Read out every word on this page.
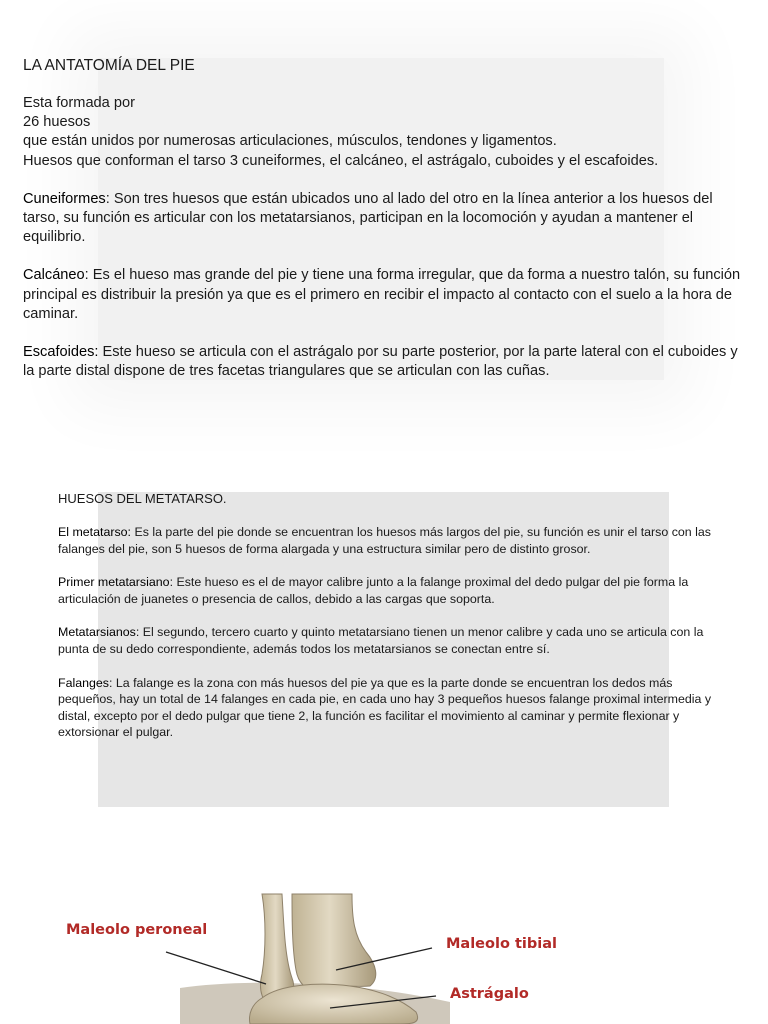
LA ANTATOMÍA DEL PIE
Esta formada por
26 huesos
que están unidos por numerosas articulaciones, músculos, tendones y ligamentos.
Huesos que conforman el tarso 3 cuneiformes, el calcáneo, el astrágalo, cuboides y el escafoides.

Cuneiformes: Son tres huesos que están ubicados uno al lado del otro en la línea anterior a los huesos del tarso, su función es articular con los metatarsianos, participan en la locomoción y ayudan a mantener el equilibrio.

Calcáneo: Es el hueso mas grande del pie y tiene una forma irregular, que da forma a nuestro talón, su función principal es distribuir la presión ya que es el primero en recibir el impacto al contacto con el suelo a la hora de caminar.

Escafoides: Este hueso se articula con el astrágalo por su parte posterior, por la parte lateral con el cuboides y la parte distal dispone de tres facetas triangulares que se articulan con las cuñas.

HUESOS DEL METATARSO.

El metatarso: Es la parte del pie donde se encuentran los huesos más largos del pie, su función es unir el tarso con las falanges del pie, son 5 huesos de forma alargada y una estructura similar pero de distinto grosor.

Primer metatarsiano: Este hueso es el de mayor calibre junto a la falange proximal del dedo pulgar del pie forma la articulación de juanetes o presencia de callos, debido a las cargas que soporta.

Metatarsianos: El segundo, tercero cuarto y quinto metatarsiano tienen un menor calibre y cada uno se articula con la punta de su dedo correspondiente, además todos los metatarsianos se conectan entre sí.

Falanges: La falange es la zona con más huesos del pie ya que es la parte donde se encuentran los dedos más pequeños, hay un total de 14 falanges en cada pie, en cada uno hay 3 pequeños huesos falange proximal intermedia y distal, excepto por el dedo pulgar que tiene 2, la función es facilitar el movimiento al caminar y permite flexionar y extorsionar el pulgar.

Maleolo peroneal
Maleolo tibial
Astrágalo
